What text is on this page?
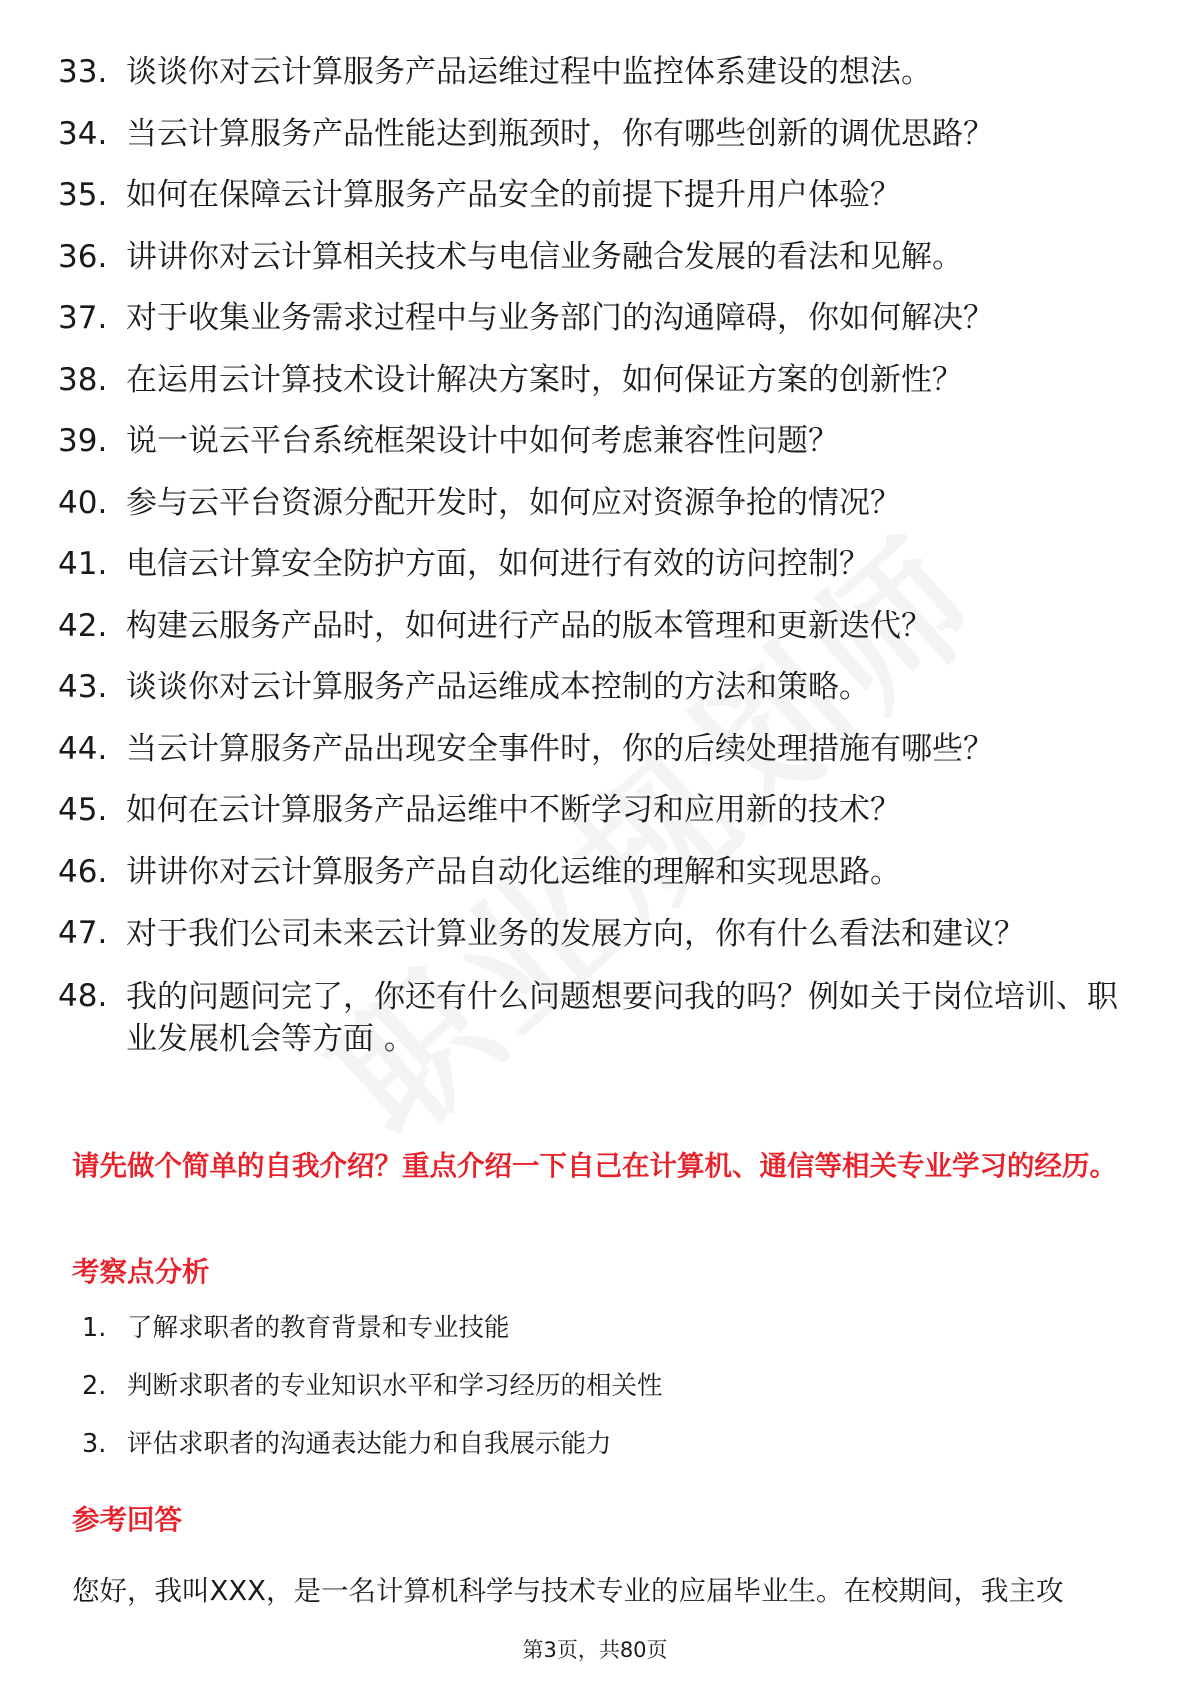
33. 谈谈你对云计算服务产品运维过程中监控体系建设的想法。
34. 当云计算服务产品性能达到瓶颈时，你有哪些创新的调优思路？
35. 如何在保障云计算服务产品安全的前提下提升用户体验？
36. 讲讲你对云计算相关技术与电信业务融合发展的看法和见解。
37. 对于收集业务需求过程中与业务部门的沟通障碍，你如何解决？
38. 在运用云计算技术设计解决方案时，如何保证方案的创新性？
39. 说一说云平台系统框架设计中如何考虑兼容性问题？
40. 参与云平台资源分配开发时，如何应对资源争抢的情况？
41. 电信云计算安全防护方面，如何进行有效的访问控制？
42. 构建云服务产品时，如何进行产品的版本管理和更新迭代？
43. 谈谈你对云计算服务产品运维成本控制的方法和策略。
44. 当云计算服务产品出现安全事件时，你的后续处理措施有哪些？
45. 如何在云计算服务产品运维中不断学习和应用新的技术？
46. 讲讲你对云计算服务产品自动化运维的理解和实现思路。
47. 对于我们公司未来云计算业务的发展方向，你有什么看法和建议？
48. 我的问题问完了，你还有什么问题想要问我的吗？例如关于岗位培训、职业发展机会等方面 。
请先做个简单的自我介绍？重点介绍一下自己在计算机、通信等相关专业学习的经历。
考察点分析
1. 了解求职者的教育背景和专业技能
2. 判断求职者的专业知识水平和学习经历的相关性
3. 评估求职者的沟通表达能力和自我展示能力
参考回答
您好，我叫XXX，是一名计算机科学与技术专业的应届毕业生。在校期间，我主攻
第3页，共80页
